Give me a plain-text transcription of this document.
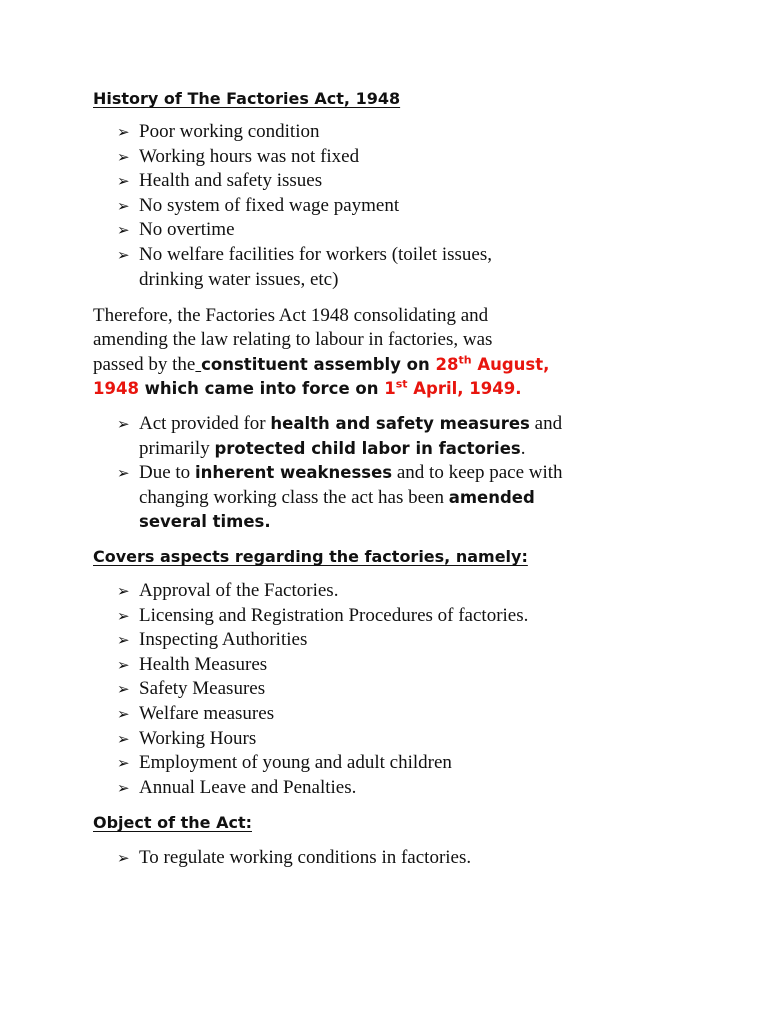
History of The Factories Act, 1948
➢ Poor working condition
➢ Working hours was not fixed
➢ Health and safety issues
➢ No system of fixed wage payment
➢ No overtime
➢ No welfare facilities for workers (toilet issues,
drinking water issues, etc)
Therefore, the Factories Act 1948 consolidating and
amending the law relating to labour in factories, was
passed by the constituent assembly on 28th August,
1948 which came into force on 1st April, 1949.
➢ Act provided for health and safety measures and
primarily protected child labor in factories.
➢ Due to inherent weaknesses and to keep pace with
changing working class the act has been amended
several times.
Covers aspects regarding the factories, namely:
➢ Approval of the Factories.
➢ Licensing and Registration Procedures of factories.
➢ Inspecting Authorities
➢ Health Measures
➢ Safety Measures
➢ Welfare measures
➢ Working Hours
➢ Employment of young and adult children
➢ Annual Leave and Penalties.
Object of the Act:
➢ To regulate working conditions in factories.
